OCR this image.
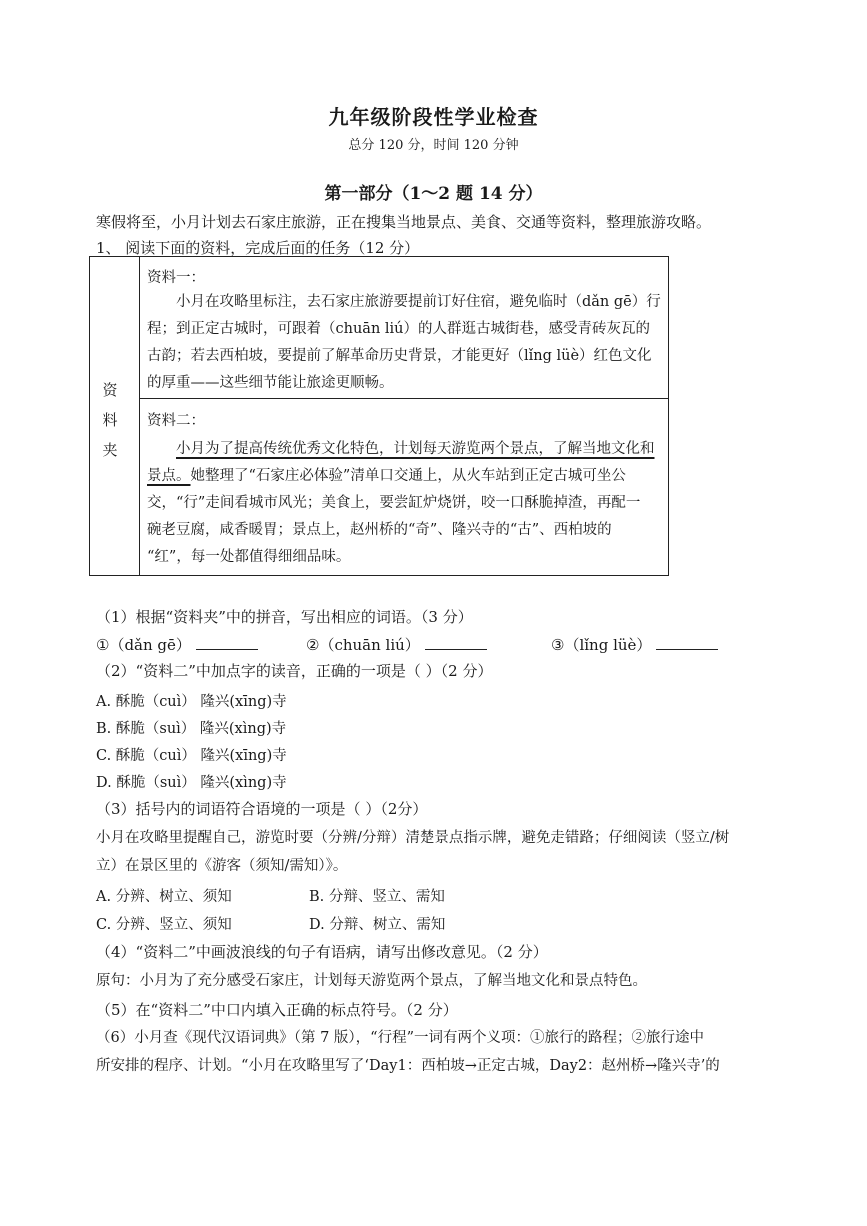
九年级阶段性学业检查
总分 120 分，时间 120 分钟
第一部分（1～2 题 14 分）
寒假将至，小月计划去石家庄旅游，正在搜集当地景点、美食、交通等资料，整理旅游攻略。
1、 阅读下面的资料，完成后面的任务（12 分）
资
料
夹
资料一：
小月在攻略里标注，去石家庄旅游要提前订好住宿，避免临时（dǎn gē）行
程；到正定古城时，可跟着（chuān liú）的人群逛古城街巷，感受青砖灰瓦的
古韵；若去西柏坡，要提前了解革命历史背景，才能更好（lǐng lüè）红色文化
的厚重——这些细节能让旅途更顺畅。
资料二：
小月为了提高传统优秀文化特色，计划每天游览两个景点，了解当地文化和
景点。她整理了“石家庄必体验”清单口交通上，从火车站到正定古城可坐公
交，“行”走间看城市风光；美食上，要尝缸炉烧饼，咬一口酥脆掉渣，再配一
碗老豆腐，咸香暖胃；景点上，赵州桥的“奇”、隆兴寺的“古”、西柏坡的
“红”，每一处都值得细细品味。
（1）根据“资料夹”中的拼音，写出相应的词语。（3 分）
①（dǎn gē）	②（chuān liú）	③（lǐng lüè）
（2）“资料二”中加点字的读音，正确的一项是（ ）（2 分）
A. 酥脆（cuì） 隆兴(xīng)寺
B. 酥脆（suì） 隆兴(xìng)寺
C. 酥脆（cuì） 隆兴(xīng)寺
D. 酥脆（suì） 隆兴(xìng)寺
（3）括号内的词语符合语境的一项是（ ）（2分）
小月在攻略里提醒自己，游览时要（分辨/分辩）清楚景点指示牌，避免走错路；仔细阅读（竖立/树
立）在景区里的《游客（须知/需知）》。
A. 分辨、树立、须知	B. 分辩、竖立、需知
C. 分辨、竖立、须知	D. 分辩、树立、需知
（4）“资料二”中画波浪线的句子有语病，请写出修改意见。（2 分）
原句：小月为了充分感受石家庄，计划每天游览两个景点，了解当地文化和景点特色。
（5）在“资料二”中口内填入正确的标点符号。（2 分）
（6）小月查《现代汉语词典》（第 7 版），“行程”一词有两个义项：①旅行的路程；②旅行途中
所安排的程序、计划。“小月在攻略里写了‘Day1：西柏坡→正定古城，Day2：赵州桥→隆兴寺’的
